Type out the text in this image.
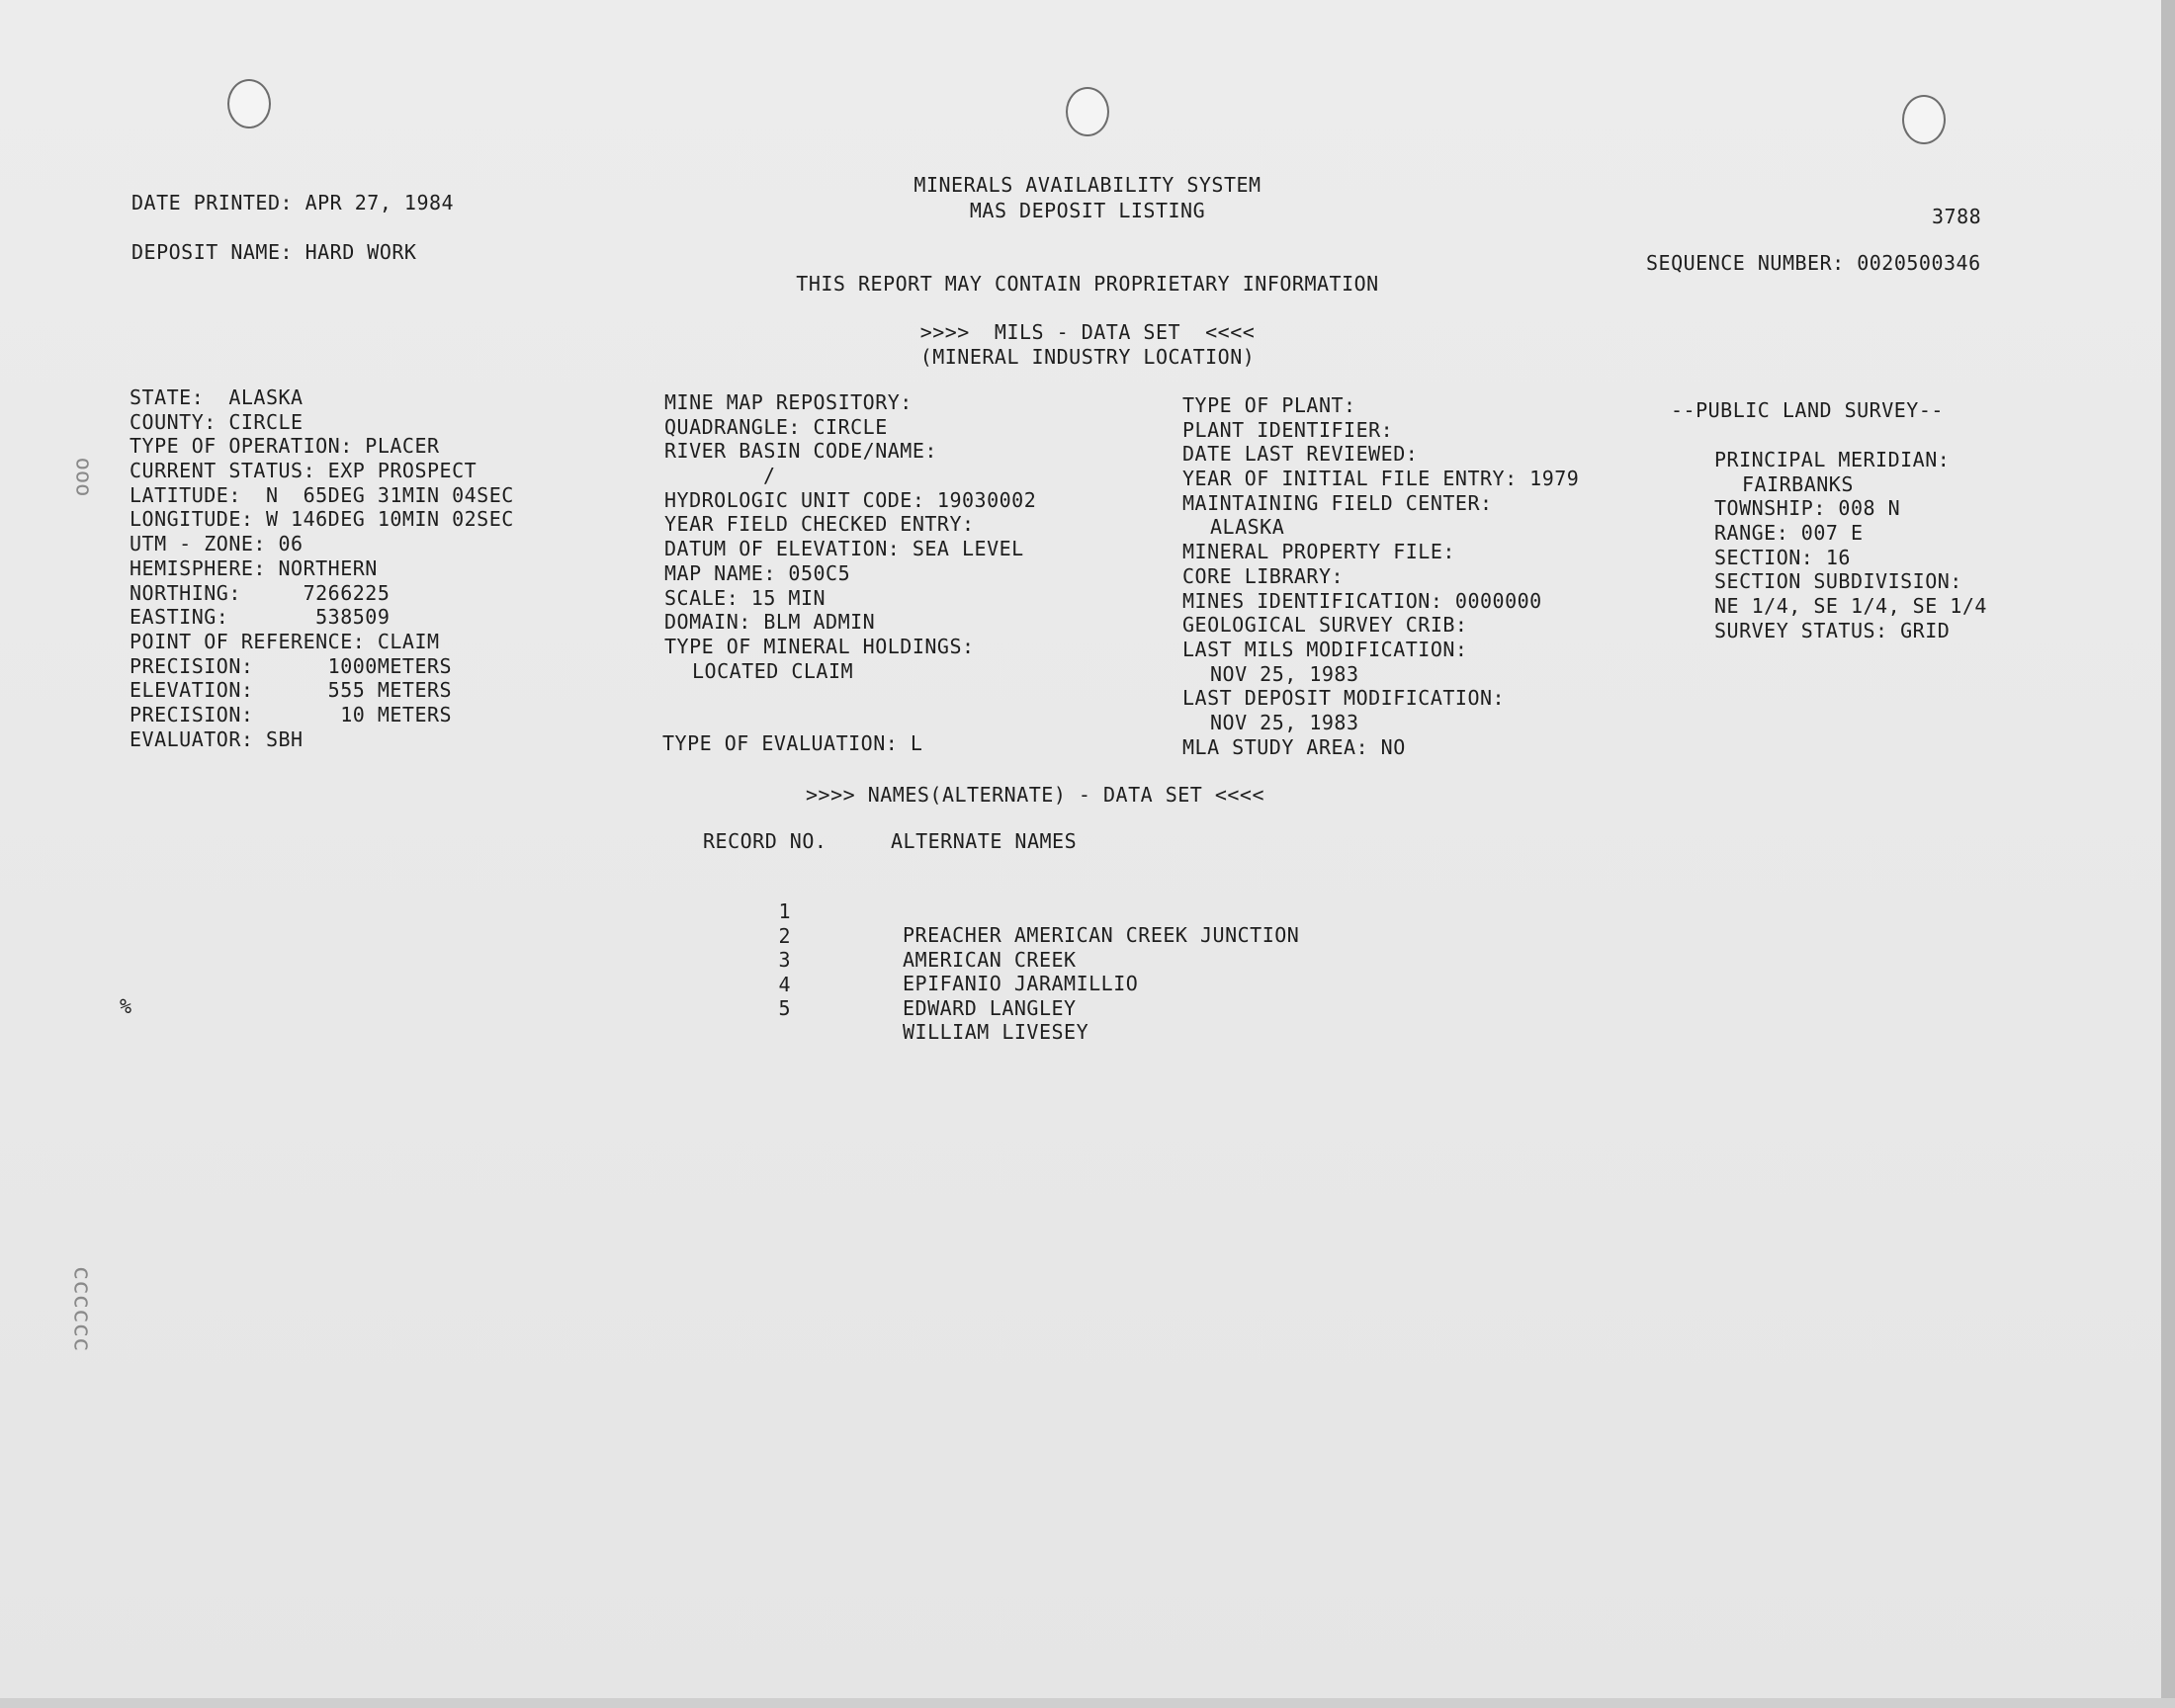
ooo
cccccc
DATE PRINTED: APR 27, 1984
DEPOSIT NAME: HARD WORK
MINERALS AVAILABILITY SYSTEM
MAS DEPOSIT LISTING	3788
SEQUENCE NUMBER: 0020500346
THIS REPORT MAY CONTAIN PROPRIETARY INFORMATION
>>>>  MILS - DATA SET  <<<<
(MINERAL INDUSTRY LOCATION)
STATE:  ALASKA
COUNTY: CIRCLE
TYPE OF OPERATION: PLACER
CURRENT STATUS: EXP PROSPECT
LATITUDE:  N  65DEG 31MIN 04SEC
LONGITUDE: W 146DEG 10MIN 02SEC
UTM - ZONE: 06
HEMISPHERE: NORTHERN
NORTHING:     7266225
EASTING:       538509
POINT OF REFERENCE: CLAIM
PRECISION:      1000METERS
ELEVATION:      555 METERS
PRECISION:       10 METERS
EVALUATOR: SBH
MINE MAP REPOSITORY:
QUADRANGLE: CIRCLE
RIVER BASIN CODE/NAME:
/
HYDROLOGIC UNIT CODE: 19030002
YEAR FIELD CHECKED ENTRY:
DATUM OF ELEVATION: SEA LEVEL
MAP NAME: 050C5
SCALE: 15 MIN
DOMAIN: BLM ADMIN
TYPE OF MINERAL HOLDINGS:
LOCATED CLAIM
TYPE OF EVALUATION: L
TYPE OF PLANT:
PLANT IDENTIFIER:
DATE LAST REVIEWED:
YEAR OF INITIAL FILE ENTRY: 1979
MAINTAINING FIELD CENTER:
ALASKA
MINERAL PROPERTY FILE:
CORE LIBRARY:
MINES IDENTIFICATION: 0000000
GEOLOGICAL SURVEY CRIB:
LAST MILS MODIFICATION:
NOV 25, 1983
LAST DEPOSIT MODIFICATION:
NOV 25, 1983
MLA STUDY AREA: NO
--PUBLIC LAND SURVEY--
PRINCIPAL MERIDIAN:
FAIRBANKS
TOWNSHIP: 008 N
RANGE: 007 E
SECTION: 16
SECTION SUBDIVISION:
NE 1/4, SE 1/4, SE 1/4
SURVEY STATUS: GRID
>>>> NAMES(ALTERNATE) - DATA SET <<<<
RECORD NO.	ALTERNATE NAMES

1

PREACHER AMERICAN CREEK JUNCTION

2

AMERICAN CREEK

3

EPIFANIO JARAMILLIO

4

EDWARD LANGLEY

5

WILLIAM LIVESEY

%
